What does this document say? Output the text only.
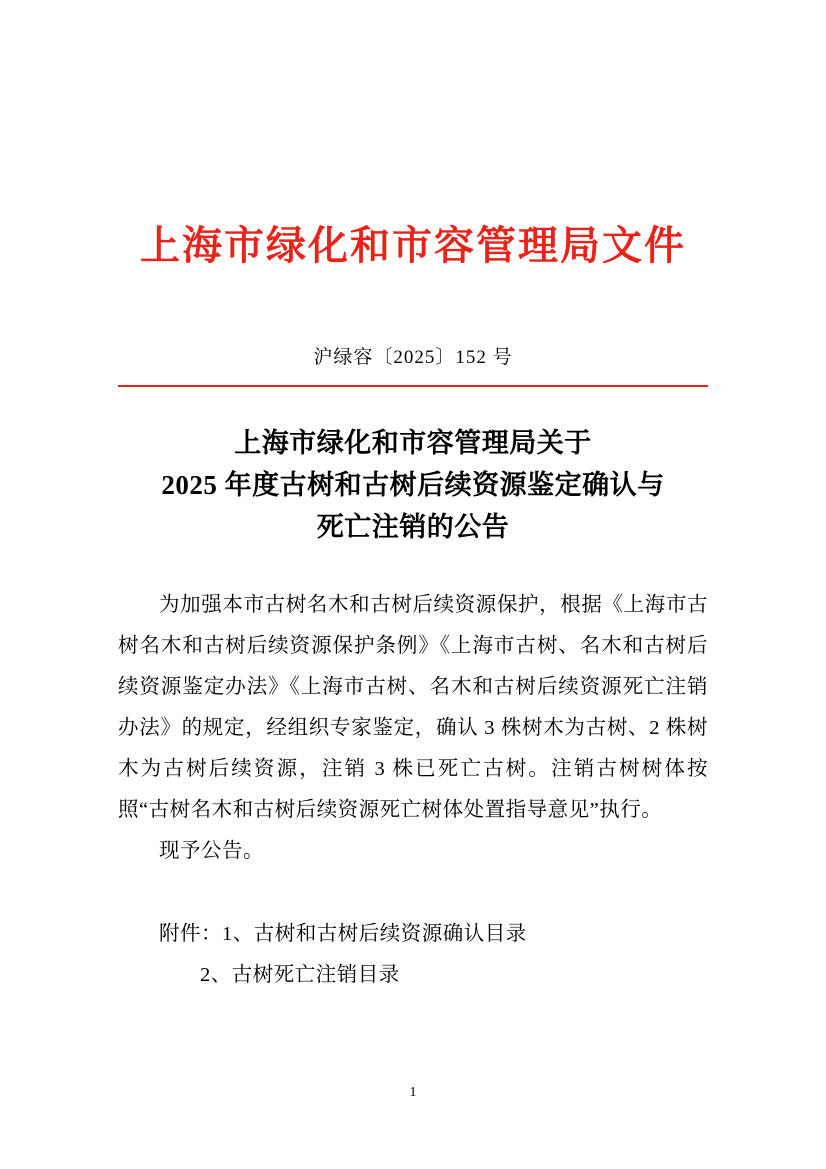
上海市绿化和市容管理局文件
沪绿容〔2025〕152 号
上海市绿化和市容管理局关于
2025 年度古树和古树后续资源鉴定确认与
死亡注销的公告

为加强本市古树名木和古树后续资源保护，根据《上海市古树名木和古树后续资源保护条例》《上海市古树、名木和古树后续资源鉴定办法》《上海市古树、名木和古树后续资源死亡注销办法》的规定，经组织专家鉴定，确认 3 株树木为古树、2 株树木为古树后续资源，注销 3 株已死亡古树。注销古树树体按照“古树名木和古树后续资源死亡树体处置指导意见”执行。

现予公告。

附件：1、古树和古树后续资源确认目录

2、古树死亡注销目录

1
